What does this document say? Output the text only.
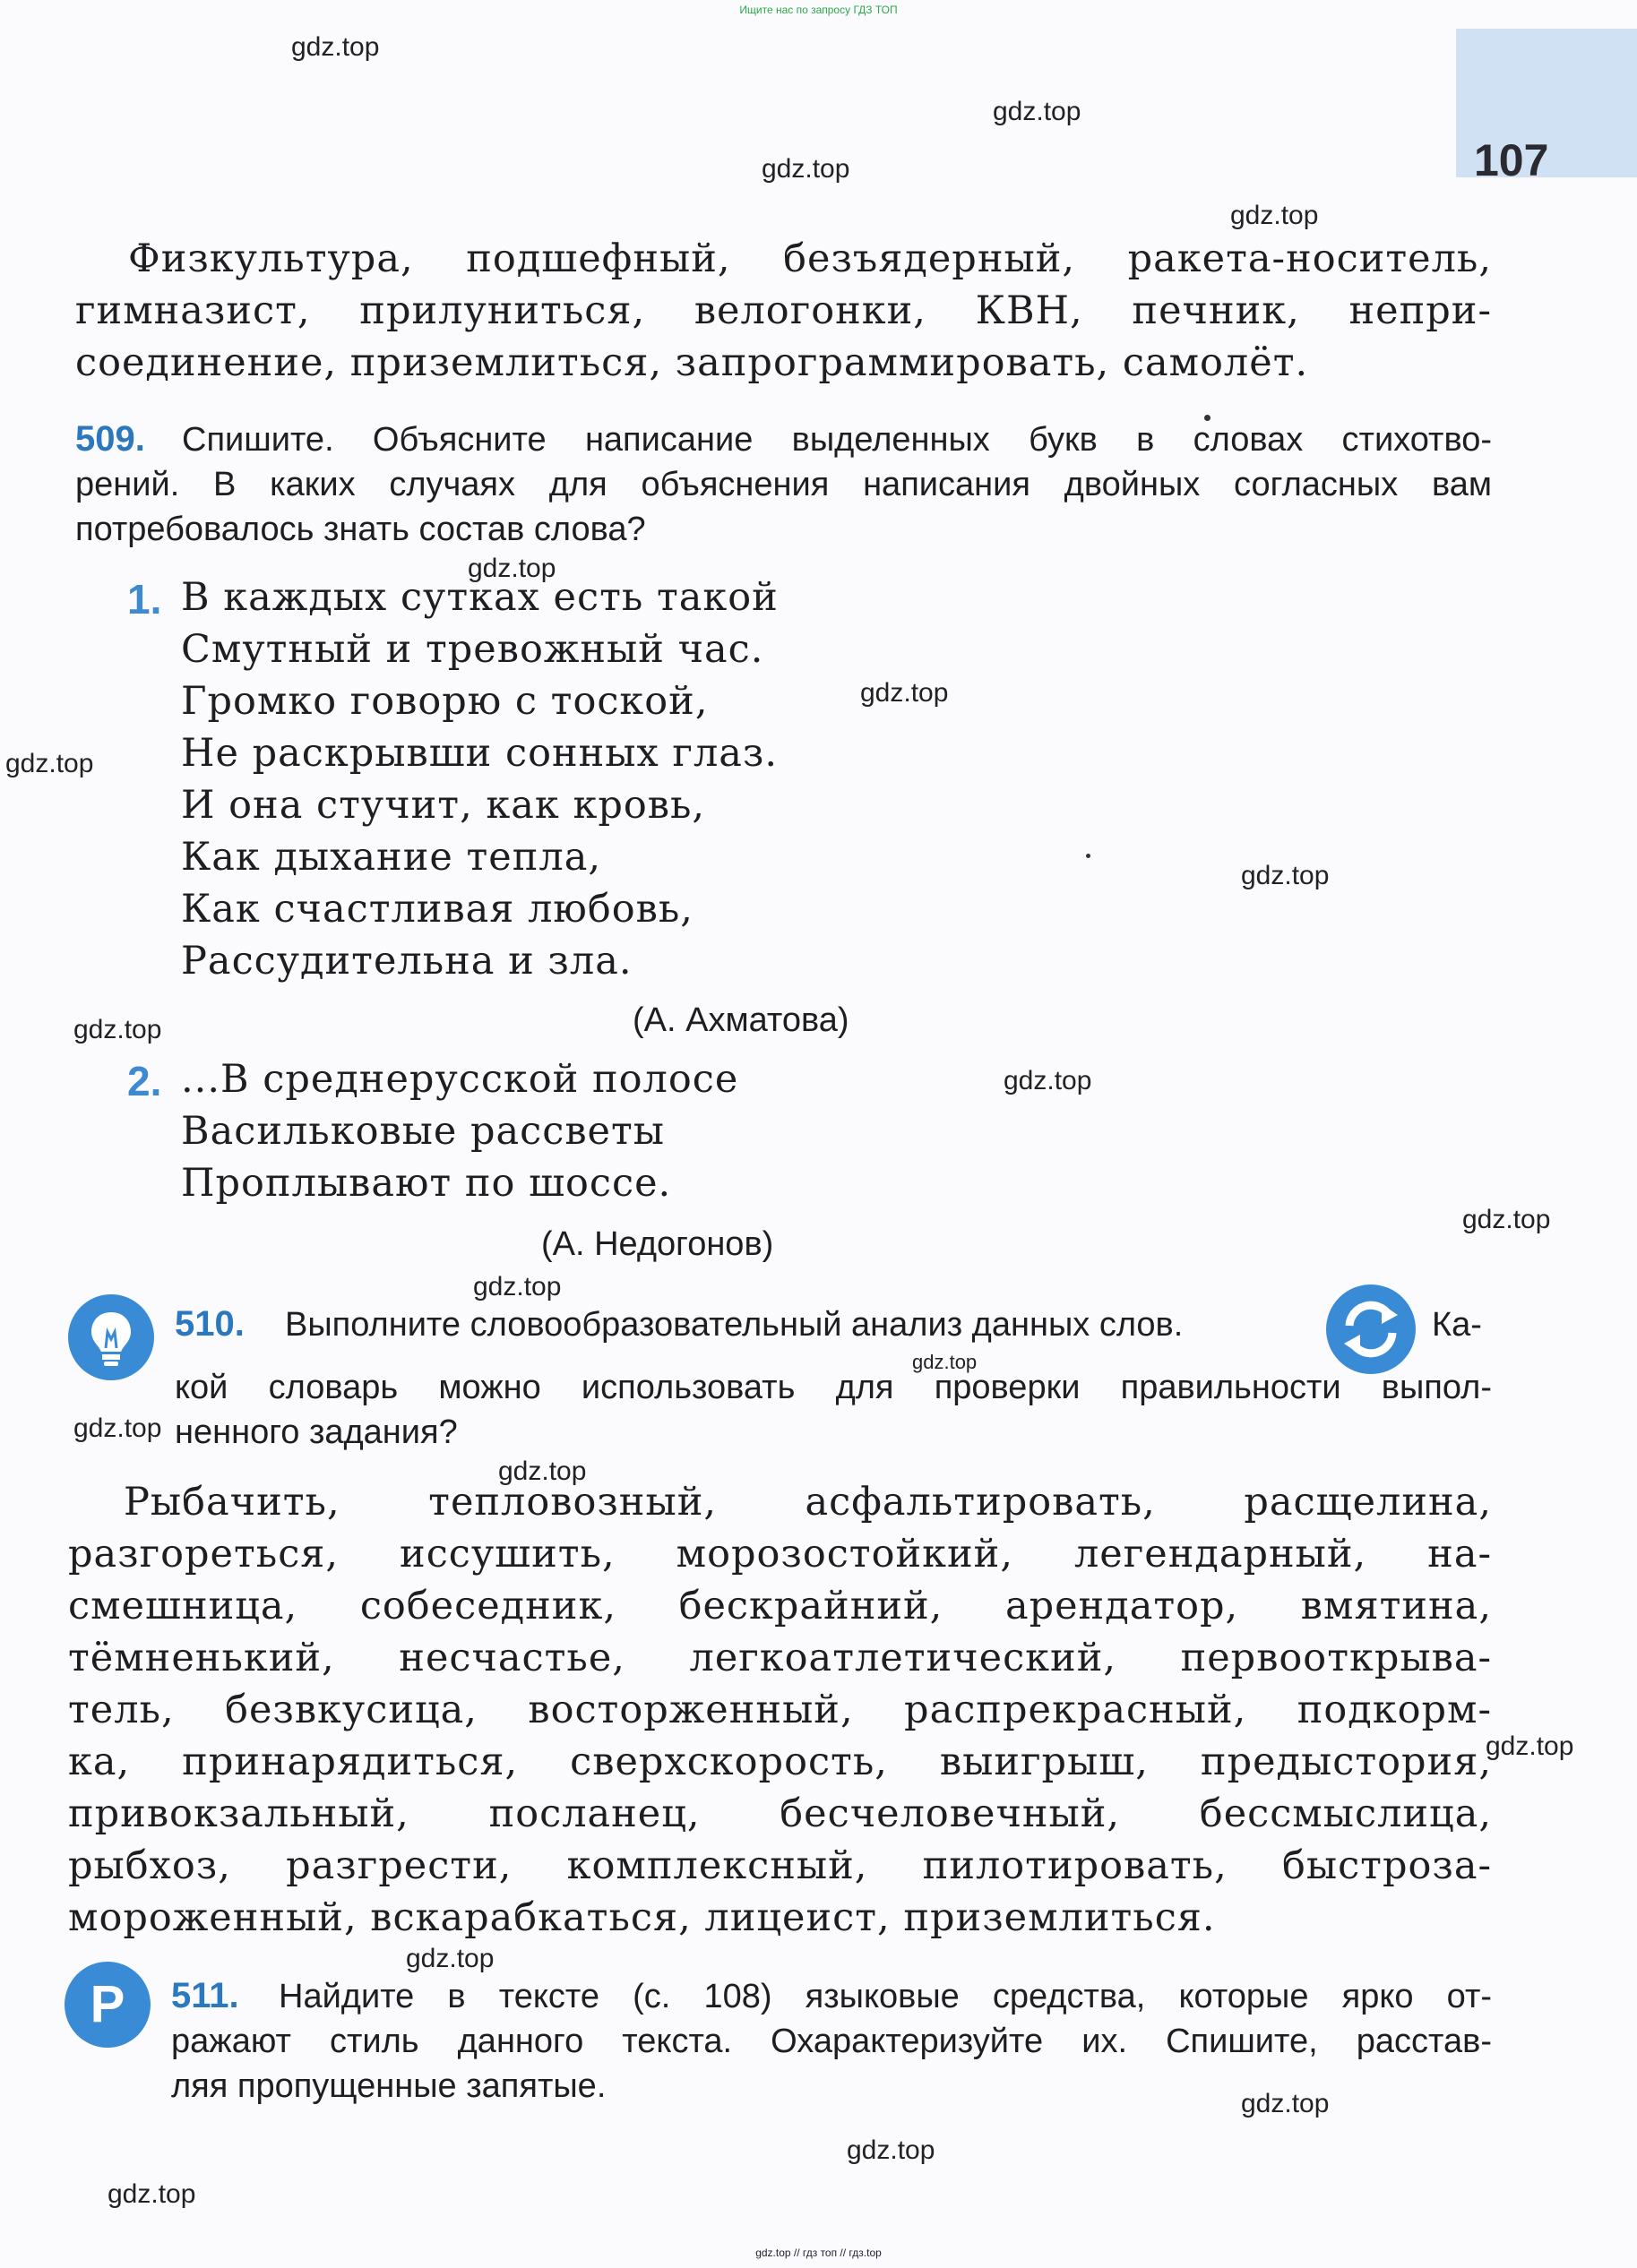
Ищите нас по запросу ГДЗ ТОП
107
gdz.top
gdz.top
gdz.top
gdz.top
gdz.top
gdz.top
gdz.top
gdz.top
gdz.top
gdz.top
gdz.top
gdz.top
gdz.top
gdz.top
gdz.top
gdz.top
gdz.top
gdz.top
gdz.top
gdz.top
Физкультура, подшефный, безъядерный, ракета-носитель,
гимназист, прилуниться, велогонки, КВН, печник, непри-
соединение, приземлиться, запрограммировать, самолёт.
509. Спишите. Объясните написание выделенных букв в словах стихотво-
рений. В каких случаях для объяснения написания двойных согласных вам
потребовалось знать состав слова?
1. В каждых сутках есть такой
Смутный и тревожный час.
Громко говорю с тоской,
Не раскрывши сонных глаз.
И она стучит, как кровь,
Как дыхание тепла,
Как счастливая любовь,
Рассудительна и зла.
(А. Ахматова)
2. ...В среднерусской полосе
Васильковые рассветы
Проплывают по шоссе.
(А. Недогонов)
510. Выполните словообразовательный анализ данных слов.	Ка-
кой словарь можно использовать для проверки правильности выпол-
ненного задания?
Рыбачить, тепловозный, асфальтировать, расщелина,
разгореться, иссушить, морозостойкий, легендарный, на-
смешница, собеседник, бескрайний, арендатор, вмятина,
тёмненький, несчастье, легкоатлетический, первооткрыва-
тель, безвкусица, восторженный, распрекрасный, подкорм-
ка, принарядиться, сверхскорость, выигрыш, предыстория,
привокзальный, посланец, бесчеловечный, бессмыслица,
рыбхоз, разгрести, комплексный, пилотировать, быстроза-
мороженный, вскарабкаться, лицеист, приземлиться.
Р	511. Найдите в тексте (с. 108) языковые средства, которые ярко от-
ражают стиль данного текста. Охарактеризуйте их. Спишите, расстав-
ляя пропущенные запятые.
gdz.top // гдз топ // гдз.top
